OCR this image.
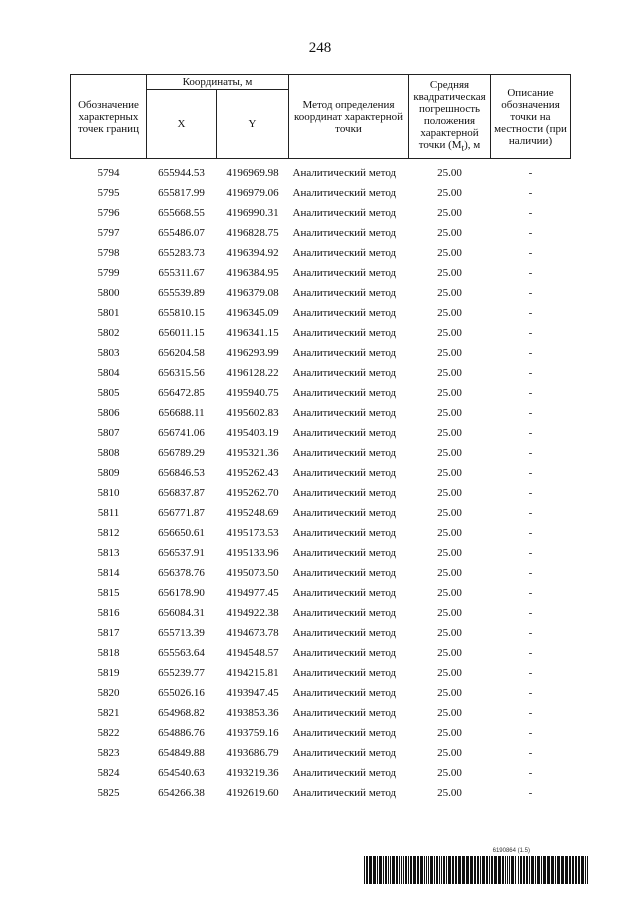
248
Обозначение характерных точек границ	Координаты, м		Метод определения координат характерной точки	Средняя квадратическая погрешность положения характерной точки $(M_t)$, м	Описание обозначения точки на местности (при наличии)
	X	Y			

5794	655944.53	4196969.98	Аналитический метод	25.00	-
5795	655817.99	4196979.06	Аналитический метод	25.00	-
5796	655668.55	4196990.31	Аналитический метод	25.00	-
5797	655486.07	4196828.75	Аналитический метод	25.00	-
5798	655283.73	4196394.92	Аналитический метод	25.00	-
5799	655311.67	4196384.95	Аналитический метод	25.00	-
5800	655539.89	4196379.08	Аналитический метод	25.00	-
5801	655810.15	4196345.09	Аналитический метод	25.00	-
5802	656011.15	4196341.15	Аналитический метод	25.00	-
5803	656204.58	4196293.99	Аналитический метод	25.00	-
5804	656315.56	4196128.22	Аналитический метод	25.00	-
5805	656472.85	4195940.75	Аналитический метод	25.00	-
5806	656688.11	4195602.83	Аналитический метод	25.00	-
5807	656741.06	4195403.19	Аналитический метод	25.00	-
5808	656789.29	4195321.36	Аналитический метод	25.00	-
5809	656846.53	4195262.43	Аналитический метод	25.00	-
5810	656837.87	4195262.70	Аналитический метод	25.00	-
5811	656771.87	4195248.69	Аналитический метод	25.00	-
5812	656650.61	4195173.53	Аналитический метод	25.00	-
5813	656537.91	4195133.96	Аналитический метод	25.00	-
5814	656378.76	4195073.50	Аналитический метод	25.00	-
5815	656178.90	4194977.45	Аналитический метод	25.00	-
5816	656084.31	4194922.38	Аналитический метод	25.00	-
5817	655713.39	4194673.78	Аналитический метод	25.00	-
5818	655563.64	4194548.57	Аналитический метод	25.00	-
5819	655239.77	4194215.81	Аналитический метод	25.00	-
5820	655026.16	4193947.45	Аналитический метод	25.00	-
5821	654968.82	4193853.36	Аналитический метод	25.00	-
5822	654886.76	4193759.16	Аналитический метод	25.00	-
5823	654849.88	4193686.79	Аналитический метод	25.00	-
5824	654540.63	4193219.36	Аналитический метод	25.00	-
5825	654266.38	4192619.60	Аналитический метод	25.00	-
6190864 (1.5)
